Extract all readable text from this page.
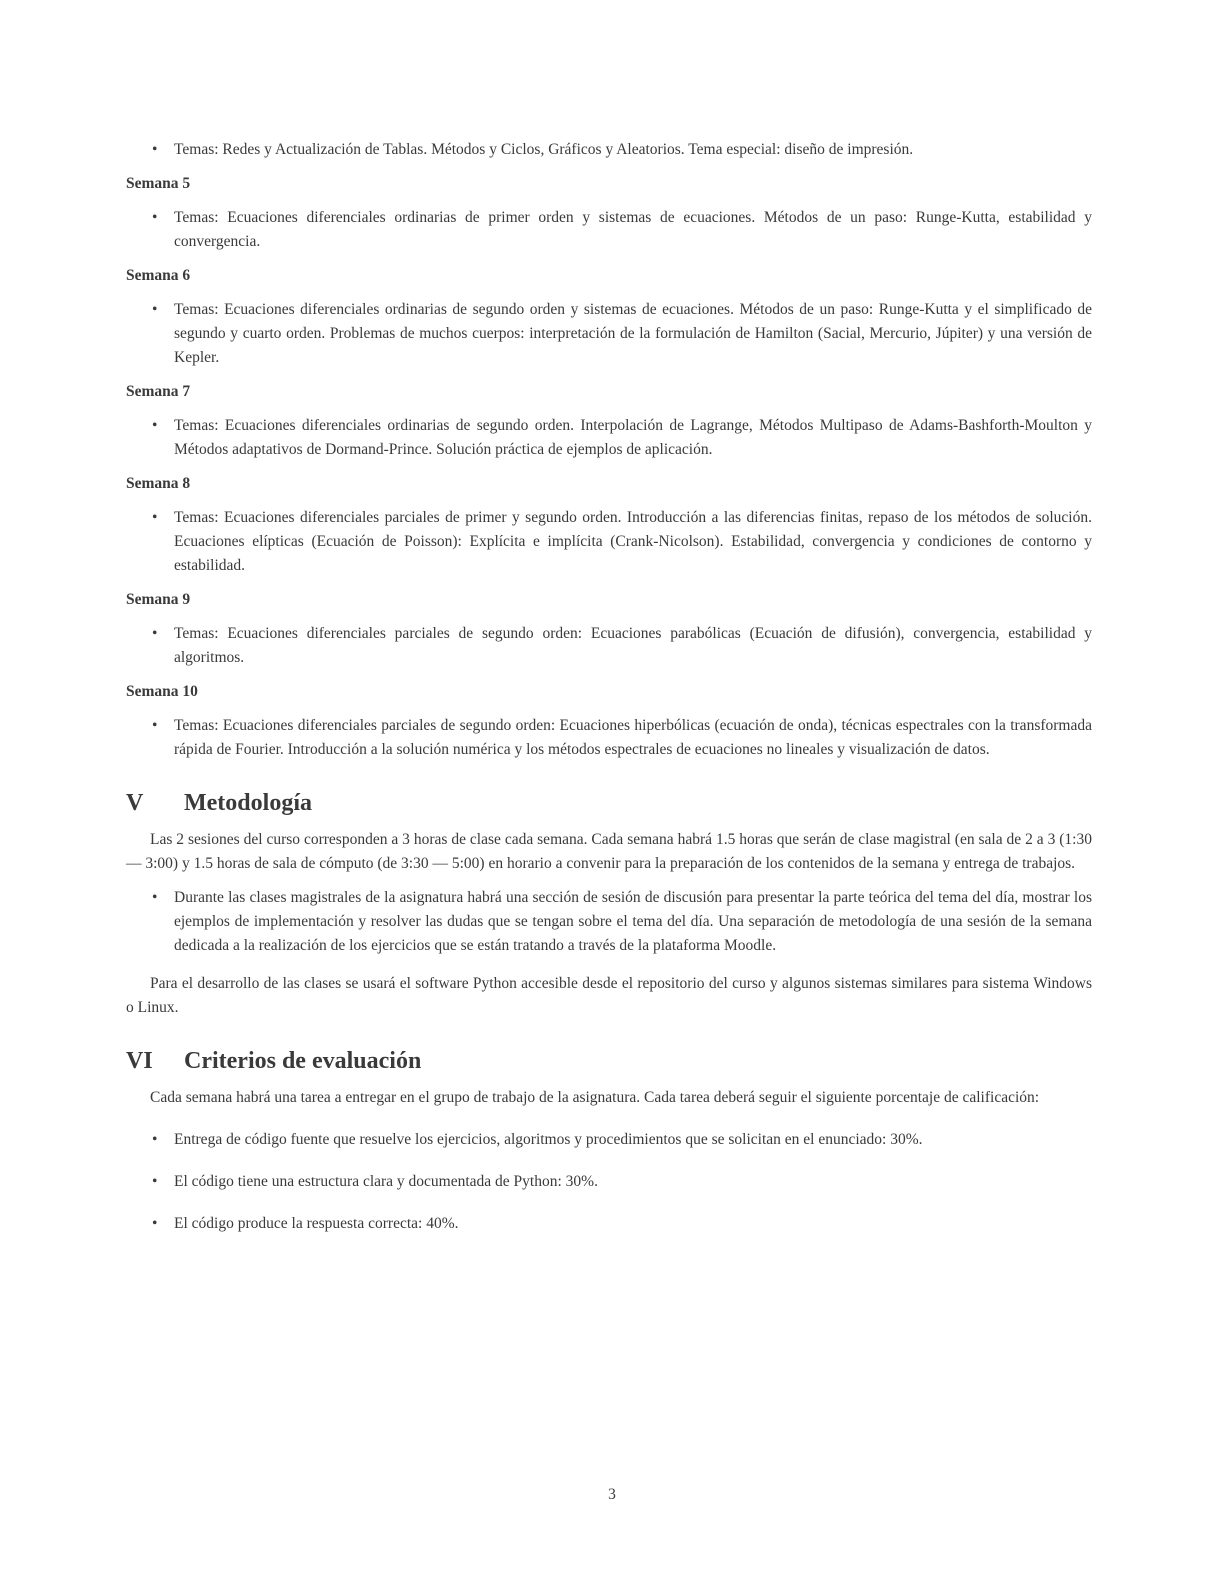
• Temas: Redes y Actualización de Tablas. Métodos y Ciclos, Gráficos y Aleatorios. Tema especial: diseño de impresión.
Semana 5
• Temas: Ecuaciones diferenciales ordinarias de primer orden y sistemas de ecuaciones. Métodos de un paso: Runge-Kutta, estabilidad y convergencia.
Semana 6
• Temas: Ecuaciones diferenciales ordinarias de segundo orden y sistemas de ecuaciones. Métodos de un paso: Runge-Kutta y el simplificado de segundo y cuarto orden. Problemas de muchos cuerpos: interpretación de la formulación de Hamilton (Sacial, Mercurio, Júpiter) y una versión de Kepler.
Semana 7
• Temas: Ecuaciones diferenciales ordinarias de segundo orden. Interpolación de Lagrange, Métodos Multipaso de Adams-Bashforth-Moulton y Métodos adaptativos de Dormand-Prince. Solución práctica de ejemplos de aplicación.
Semana 8
• Temas: Ecuaciones diferenciales parciales de primer y segundo orden. Introducción a las diferencias finitas, repaso de los métodos de solución. Ecuaciones elípticas (Ecuación de Poisson): Explícita e implícita (Crank-Nicolson). Estabilidad, convergencia y condiciones de contorno y estabilidad.
Semana 9
• Temas: Ecuaciones diferenciales parciales de segundo orden: Ecuaciones parabólicas (Ecuación de difusión), convergencia, estabilidad y algoritmos.
Semana 10
• Temas: Ecuaciones diferenciales parciales de segundo orden: Ecuaciones hiperbólicas (ecuación de onda), técnicas espectrales con la transformada rápida de Fourier. Introducción a la solución numérica y los métodos espectrales de ecuaciones no lineales y visualización de datos.
V Metodología

Las 2 sesiones del curso corresponden a 3 horas de clase cada semana. Cada semana habrá 1.5 horas que serán de clase magistral (en sala de 2 a 3 (1:30 — 3:00) y 1.5 horas de sala de cómputo (de 3:30 — 5:00) en horario a convenir para la preparación de los contenidos de la semana y entrega de trabajos.

• Durante las clases magistrales de la asignatura habrá una sección de sesión de discusión para presentar la parte teórica del tema del día, mostrar los ejemplos de implementación y resolver las dudas que se tengan sobre el tema del día. Una separación de metodología de una sesión de la semana dedicada a la realización de los ejercicios que se están tratando a través de la plataforma Moodle.

Para el desarrollo de las clases se usará el software Python accesible desde el repositorio del curso y algunos sistemas similares para sistema Windows o Linux.

VI Criterios de evaluación

Cada semana habrá una tarea a entregar en el grupo de trabajo de la asignatura. Cada tarea deberá seguir el siguiente porcentaje de calificación:

• Entrega de código fuente que resuelve los ejercicios, algoritmos y procedimientos que se solicitan en el enunciado: 30%.
• El código tiene una estructura clara y documentada de Python: 30%.
• El código produce la respuesta correcta: 40%.
3
